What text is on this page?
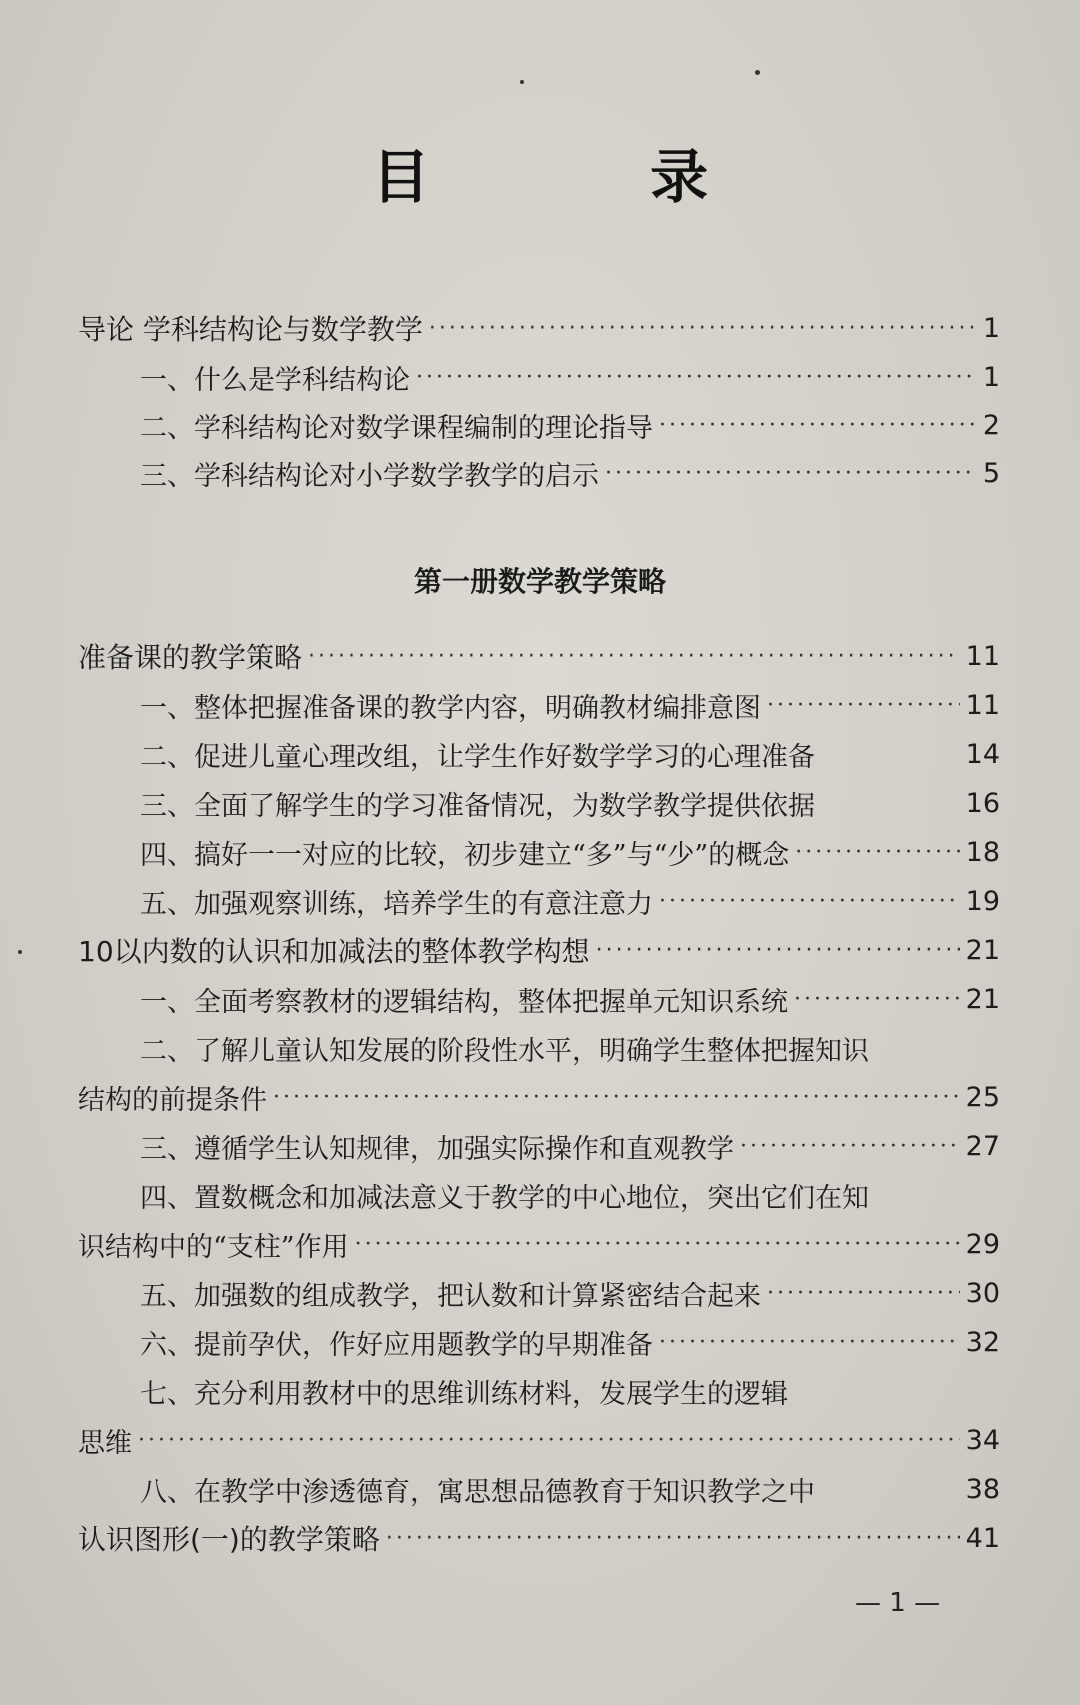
目 录
导论 学科结构论与数学教学 ·····	1
一、什么是学科结构论 ·····	1
二、学科结构论对数学课程编制的理论指导 ·····	2
三、学科结构论对小学数学教学的启示 ·····	5
第一册数学教学策略
准备课的教学策略 ·····	11
一、整体把握准备课的教学内容，明确教材编排意图 ·····	11
二、促进儿童心理改组，让学生作好数学学习的心理准备	14
三、全面了解学生的学习准备情况，为数学教学提供依据	16
四、搞好一一对应的比较，初步建立“多”与“少”的概念 ·····	18
五、加强观察训练，培养学生的有意注意力 ·····	19
10以内数的认识和加减法的整体教学构想 ·····	21
一、全面考察教材的逻辑结构，整体把握单元知识系统 ·····	21
二、了解儿童认知发展的阶段性水平，明确学生整体把握知识
结构的前提条件 ·····	25
三、遵循学生认知规律，加强实际操作和直观教学 ·····	27
四、置数概念和加减法意义于教学的中心地位，突出它们在知
识结构中的“支柱”作用 ·····	29
五、加强数的组成教学，把认数和计算紧密结合起来 ·····	30
六、提前孕伏，作好应用题教学的早期准备 ·····	32
七、充分利用教材中的思维训练材料，发展学生的逻辑
思维 ·····	34
八、在教学中渗透德育，寓思想品德教育于知识教学之中	38
认识图形(一)的教学策略 ·····	41
— 1 —
